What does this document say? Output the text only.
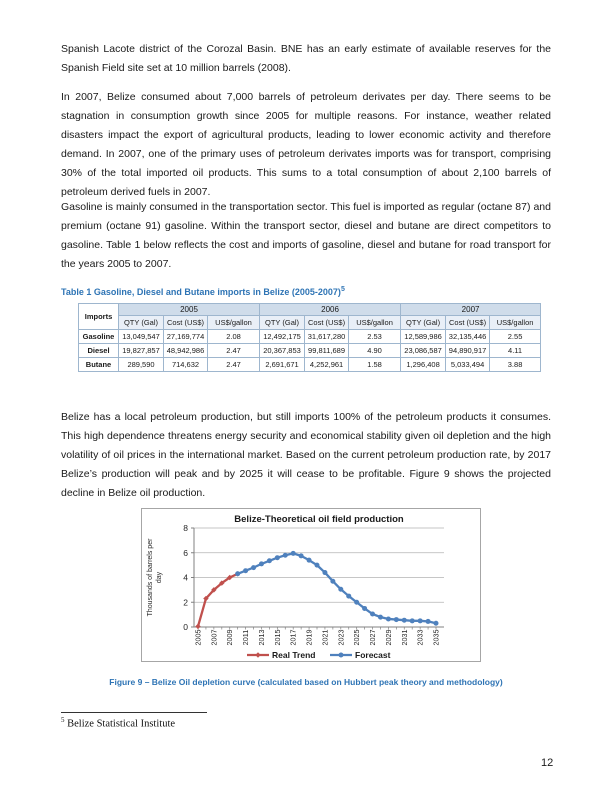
Spanish Lacote district of the Corozal Basin. BNE has an early estimate of available reserves for the Spanish Field site set at 10 million barrels (2008).

In 2007, Belize consumed about 7,000 barrels of petroleum derivates per day. There seems to be stagnation in consumption growth since 2005 for multiple reasons. For instance, weather related disasters impact the export of agricultural products, leading to lower economic activity and therefore demand. In 2007, one of the primary uses of petroleum derivates imports was for transport, comprising 30% of the total imported oil products. This sums to a total consumption of about 2,100 barrels of petroleum derived fuels in 2007.

Gasoline is mainly consumed in the transportation sector. This fuel is imported as regular (octane 87) and premium (octane 91) gasoline. Within the transport sector, diesel and butane are direct competitors to gasoline. Table 1 below reflects the cost and imports of gasoline, diesel and butane for road transport for the years 2005 to 2007.

Table 1 Gasoline, Diesel and Butane imports in Belize (2005-2007)$^5$
Imports	2005			2006			2007		
	QTY (Gal)	Cost (US$)	US$/gallon	QTY (Gal)	Cost (US$)	US$/gallon	QTY (Gal)	Cost (US$)	US$/gallon
Gasoline	13,049,547	27,169,774	2.08	12,492,175	31,617,280	2.53	12,589,986	32,135,446	2.55
Diesel	19,827,857	48,942,986	2.47	20,367,853	99,811,689	4.90	23,086,587	94,890,917	4.11
Butane	289,590	714,632	2.47	2,691,671	4,252,961	1.58	1,296,408	5,033,494	3.88

Belize has a local petroleum production, but still imports 100% of the petroleum products it consumes. This high dependence threatens energy security and economical stability given oil depletion and the high volatility of oil prices in the international market. Based on the current petroleum production rate, by 2017 Belize’s production will peak and by 2025 it will cease to be profitable. Figure 9 shows the projected decline in Belize oil production.

0
2
4
6
8
2005 2007 2009 2011 2013 2015 2017 2019 2021 2023 2025 2027 2029 2031 2033 2035
Belize-Theoretical oil field production
Thousands of barrels per day
Real Trend	Forecast
Figure 9 – Belize Oil depletion curve (calculated based on Hubbert peak theory and methodology)
$^5$ Belize Statistical Institute
12
